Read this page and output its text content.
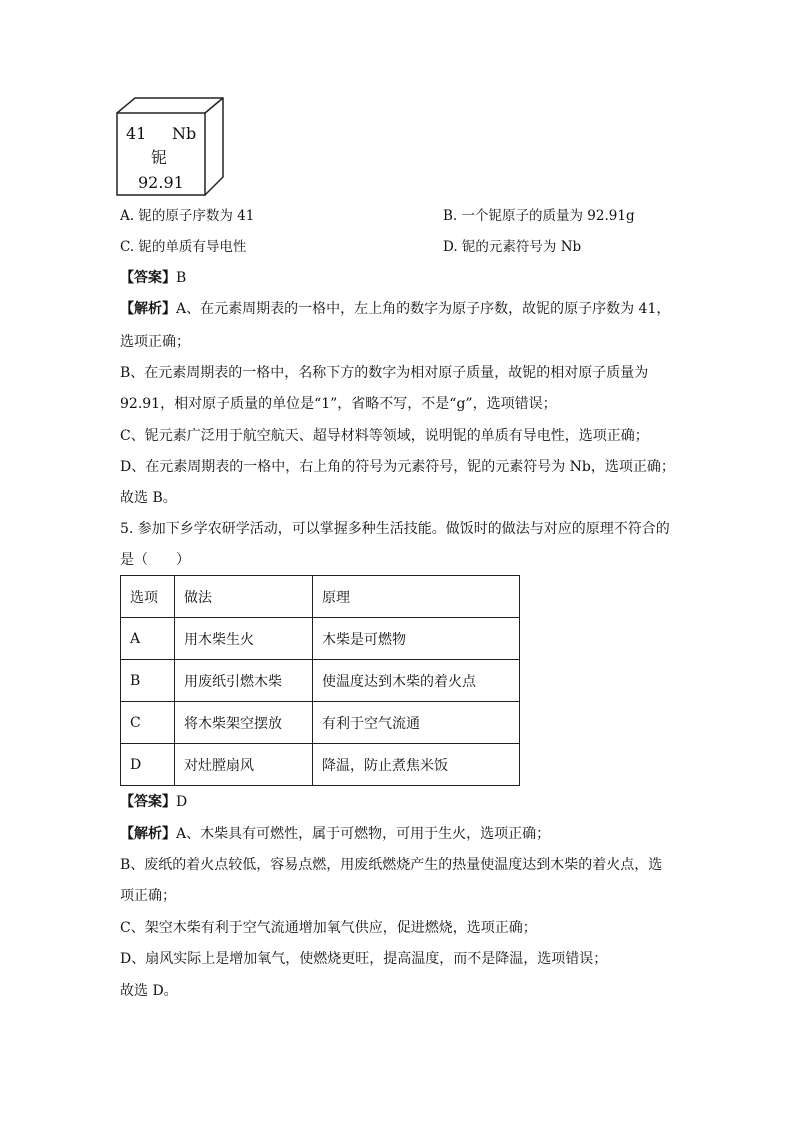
41 Nb
铌
92.91
A. 铌的原子序数为 41	B. 一个铌原子的质量为 92.91g
C. 铌的单质有导电性	D. 铌的元素符号为 Nb
【答案】B
【解析】A、在元素周期表的一格中，左上角的数字为原子序数，故铌的原子序数为 41，
选项正确；
B、在元素周期表的一格中，名称下方的数字为相对原子质量，故铌的相对原子质量为
92.91，相对原子质量的单位是“1”，省略不写，不是“g”，选项错误；
C、铌元素广泛用于航空航天、超导材料等领域，说明铌的单质有导电性，选项正确；
D、在元素周期表的一格中，右上角的符号为元素符号，铌的元素符号为 Nb，选项正确；
故选 B。
5. 参加下乡学农研学活动，可以掌握多种生活技能。做饭时的做法与对应的原理不符合的
是（　　）
选项	做法	原理
A	用木柴生火	木柴是可燃物
B	用废纸引燃木柴	使温度达到木柴的着火点
C	将木柴架空摆放	有利于空气流通
D	对灶膛扇风	降温，防止煮焦米饭
【答案】D
【解析】A、木柴具有可燃性，属于可燃物，可用于生火，选项正确；
B、废纸的着火点较低，容易点燃，用废纸燃烧产生的热量使温度达到木柴的着火点，选
项正确；
C、架空木柴有利于空气流通增加氧气供应，促进燃烧，选项正确；
D、扇风实际上是增加氧气，使燃烧更旺，提高温度，而不是降温，选项错误；
故选 D。
